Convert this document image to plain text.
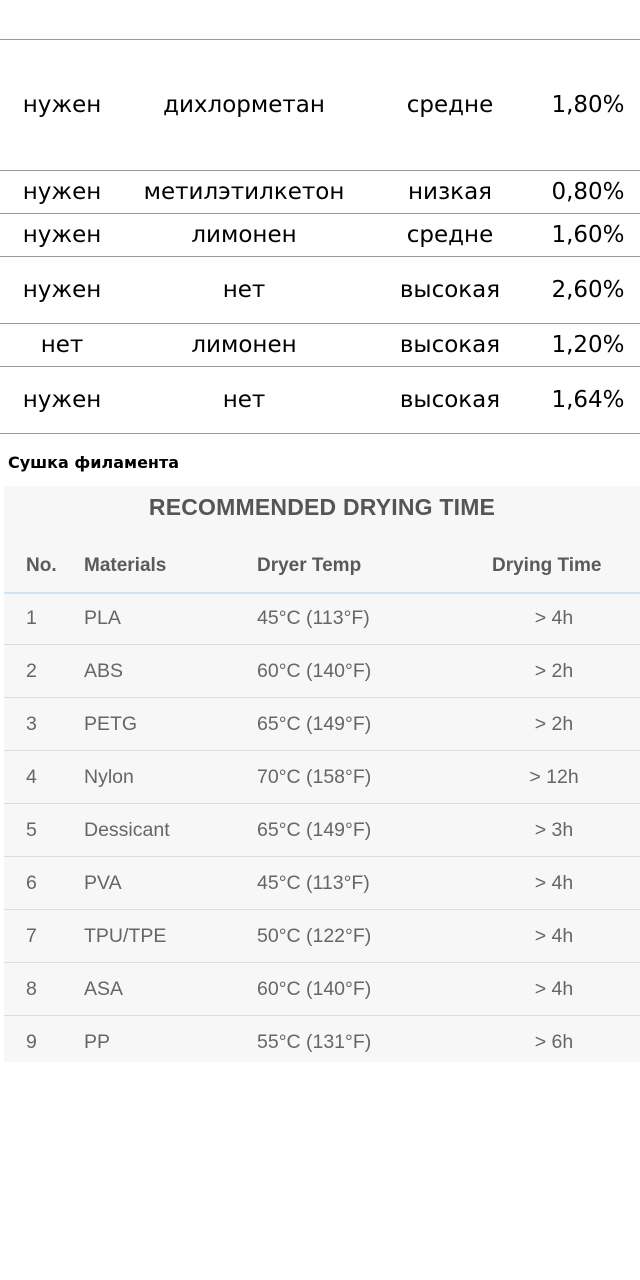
нужен	дихлорметан	средне	1,80%
нужен	метилэтилкетон	низкая	0,80%
нужен	лимонен	средне	1,60%
нужен	нет	высокая	2,60%
нет	лимонен	высокая	1,20%
нужен	нет	высокая	1,64%
Сушка филамента
RECOMMENDED DRYING TIME
No. Materials	Dryer Temp	Drying Time
1 PLA	45°C (113°F)	> 4h
2 ABS	60°C (140°F)	> 2h
3 PETG	65°C (149°F)	> 2h
4 Nylon	70°C (158°F)	> 12h
5 Dessicant	65°C (149°F)	> 3h
6 PVA	45°C (113°F)	> 4h
7 TPU/TPE	50°C (122°F)	> 4h
8 ASA	60°C (140°F)	> 4h
9 PP	55°C (131°F)	> 6h
